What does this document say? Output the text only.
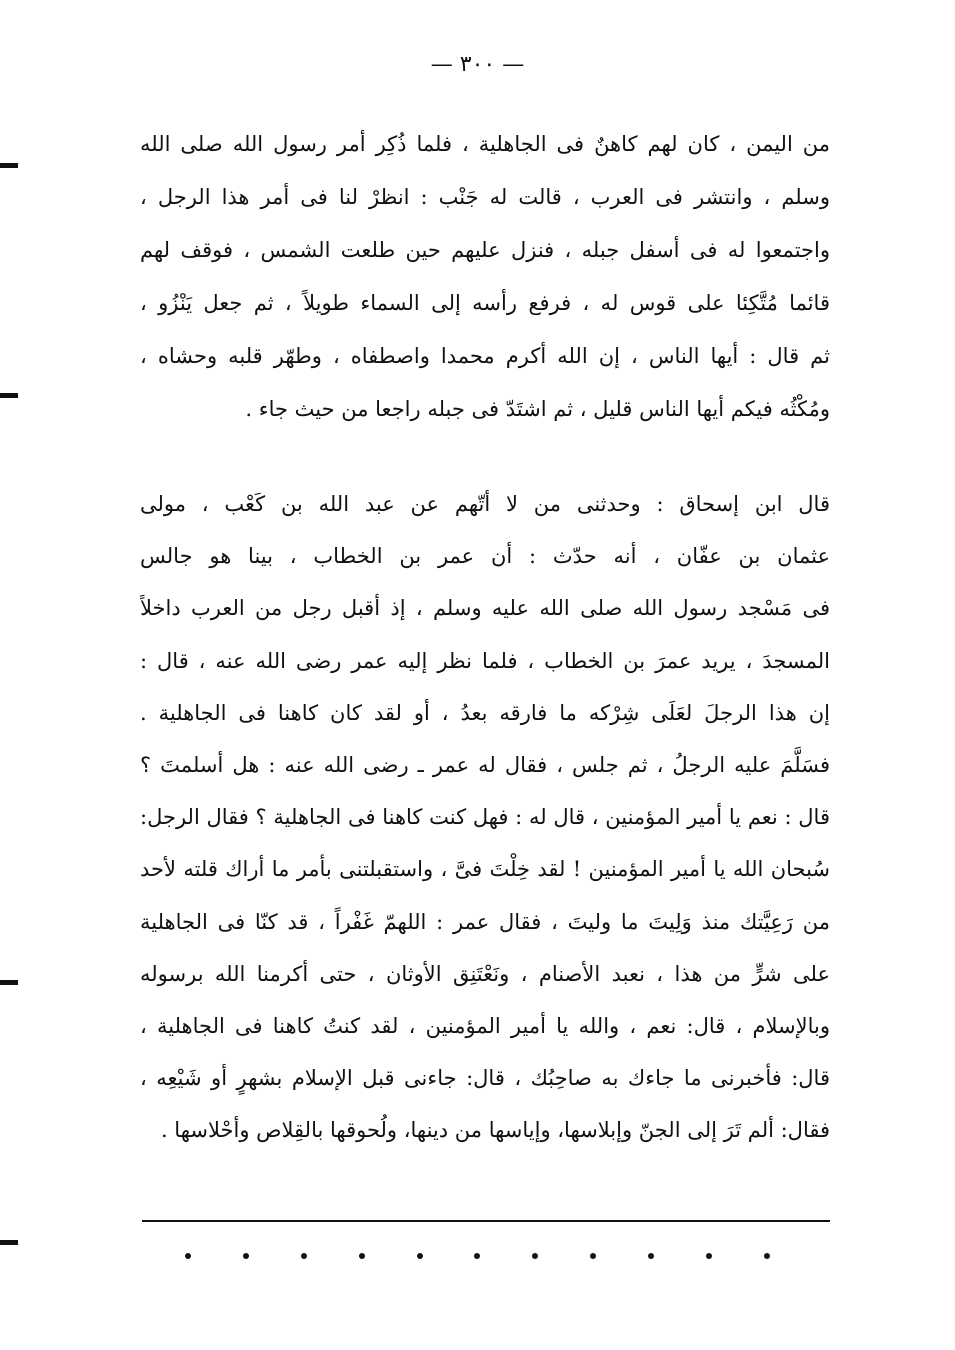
— ٣٠٠ —
من اليمن ، كان لهم كاهنٌ فى الجاهلية ، فلما ذُكِر أمر رسول الله صلى الله
وسلم ، وانتشر فى العرب ، قالت له جَنْب : انظرْ لنا فى أمر هذا الرجل ،
واجتمعوا له فى أسفل جبله ، فنزل عليهم حين طلعت الشمس ، فوقف لهم
قائما مُتَّكِئا على قوس له ، فرفع رأسه إلى السماء طويلاً ، ثم جعل يَنْزُو ،
ثم قال : أيها الناس ، إن الله أكرم محمدا واصطفاه ، وطهّر قلبه وحشاه ،
ومُكْثُه فيكم أيها الناس قليل ، ثم اشتَدّ فى جبله راجعا من حيث جاء .
قال ابن إسحاق : وحدثنى من لا أتّهم عن عبد الله بن كَعْب ، مولى
عثمان بن عفّان ، أنه حدّث : أن عمر بن الخطاب ، بينا هو جالس
فى مَسْجد رسول الله صلى الله عليه وسلم ، إذ أقبل رجل من العرب داخلاً
المسجدَ ، يريد عمرَ بن الخطاب ، فلما نظر إليه عمر رضى الله عنه ، قال :
إن هذا الرجلَ لعَلَى شِرْكه ما فارقه بعدُ ، أو لقد كان كاهنا فى الجاهلية .
فسَلَّمَ عليه الرجلُ ، ثم جلس ، فقال له عمر ـ رضى الله عنه : هل أسلمتَ ؟
قال : نعم يا أمير المؤمنين ، قال له : فهل كنت كاهنا فى الجاهلية ؟ فقال الرجل:
سُبحان الله يا أمير المؤمنين ! لقد خِلْتَ فىَّ ، واستقبلتنى بأمر ما أراك قلته لأحد
من رَعِيَّتك منذ وَلِيتَ ما وليتَ ، فقال عمر : اللهمّ غَفْراً ، قد كنّا فى الجاهلية
على شرٍّ من هذا ، نعبد الأصنام ، ونَعْتَنِق الأوثان ، حتى أكرمنا الله برسوله
وبالإسلام ، قال: نعم ، والله يا أمير المؤمنين ، لقد كنتُ كاهنا فى الجاهلية ،
قال: فأخبرنى ما جاءك به صاحِبُك ، قال: جاءنى قبل الإسلام بشهرٍ أو شَيْعِه ،
فقال: ألم تَرَ إلى الجنّ وإبلاسها، وإياسها من دينها، ولُحوقها بالقِلاص وأحْلاسها .
